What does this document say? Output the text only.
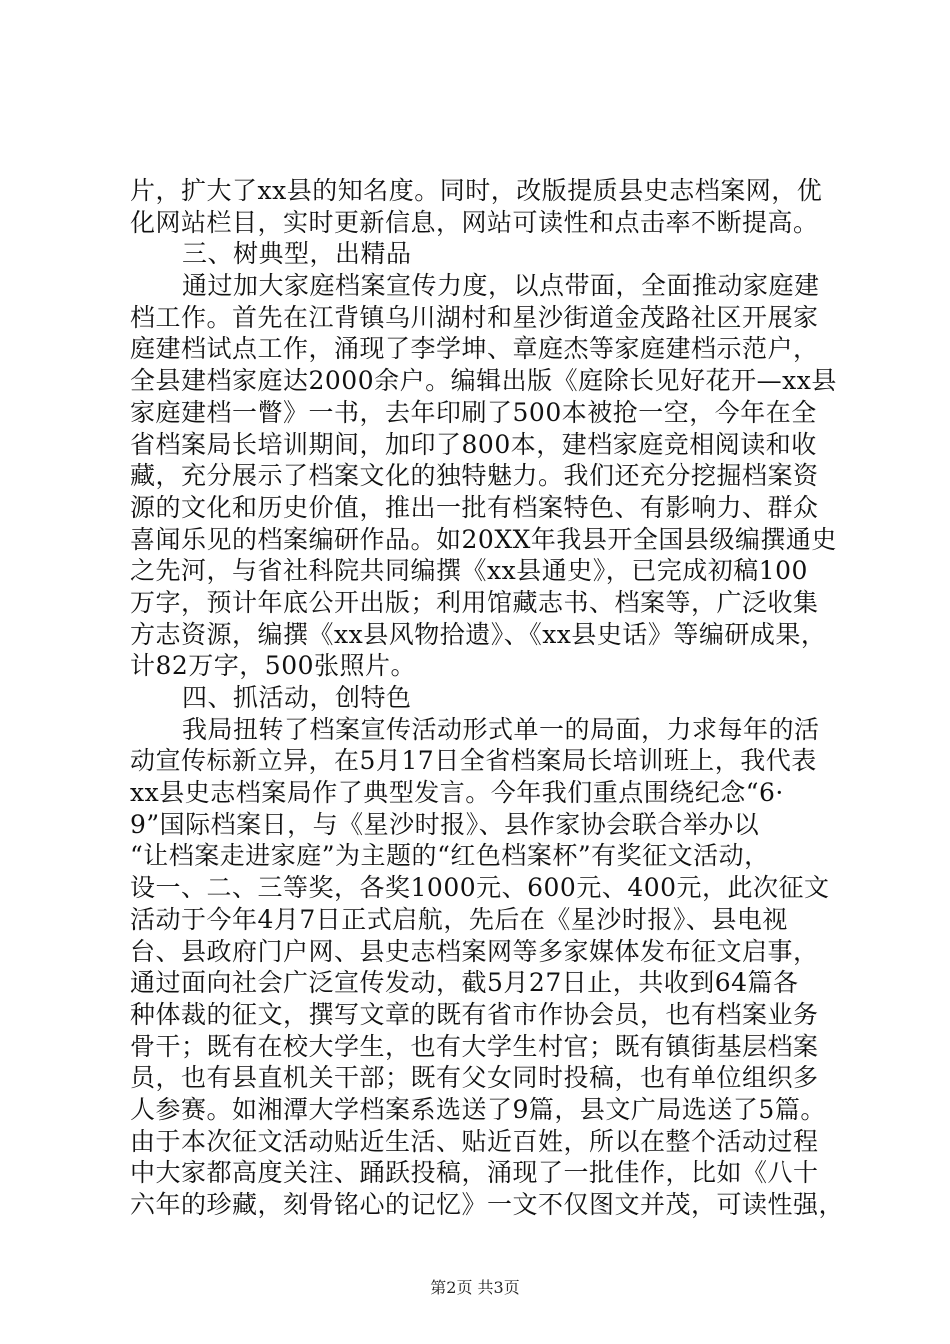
片，扩大了xx县的知名度。同时，改版提质县史志档案网，优
化网站栏目，实时更新信息，网站可读性和点击率不断提高。
三、树典型，出精品
通过加大家庭档案宣传力度，以点带面，全面推动家庭建
档工作。首先在江背镇乌川湖村和星沙街道金茂路社区开展家
庭建档试点工作，涌现了李学坤、章庭杰等家庭建档示范户，
全县建档家庭达2000余户。编辑出版《庭除长见好花开—xx县
家庭建档一瞥》一书，去年印刷了500本被抢一空，今年在全
省档案局长培训期间，加印了800本，建档家庭竞相阅读和收
藏，充分展示了档案文化的独特魅力。我们还充分挖掘档案资
源的文化和历史价值，推出一批有档案特色、有影响力、群众
喜闻乐见的档案编研作品。如20XX年我县开全国县级编撰通史
之先河，与省社科院共同编撰《xx县通史》，已完成初稿100
万字，预计年底公开出版；利用馆藏志书、档案等，广泛收集
方志资源，编撰《xx县风物拾遗》、《xx县史话》等编研成果，
计82万字，500张照片。
四、抓活动，创特色
我局扭转了档案宣传活动形式单一的局面，力求每年的活
动宣传标新立异，在5月17日全省档案局长培训班上，我代表
xx县史志档案局作了典型发言。今年我们重点围绕纪念“6·
9”国际档案日，与《星沙时报》、县作家协会联合举办以
“让档案走进家庭”为主题的“红色档案杯”有奖征文活动，
设一、二、三等奖，各奖1000元、600元、400元，此次征文
活动于今年4月7日正式启航，先后在《星沙时报》、县电视
台、县政府门户网、县史志档案网等多家媒体发布征文启事，
通过面向社会广泛宣传发动，截5月27日止，共收到64篇各
种体裁的征文，撰写文章的既有省市作协会员，也有档案业务
骨干；既有在校大学生，也有大学生村官；既有镇街基层档案
员，也有县直机关干部；既有父女同时投稿，也有单位组织多
人参赛。如湘潭大学档案系选送了9篇，县文广局选送了5篇。
由于本次征文活动贴近生活、贴近百姓，所以在整个活动过程
中大家都高度关注、踊跃投稿，涌现了一批佳作，比如《八十
六年的珍藏，刻骨铭心的记忆》一文不仅图文并茂，可读性强，
第2页 共3页
